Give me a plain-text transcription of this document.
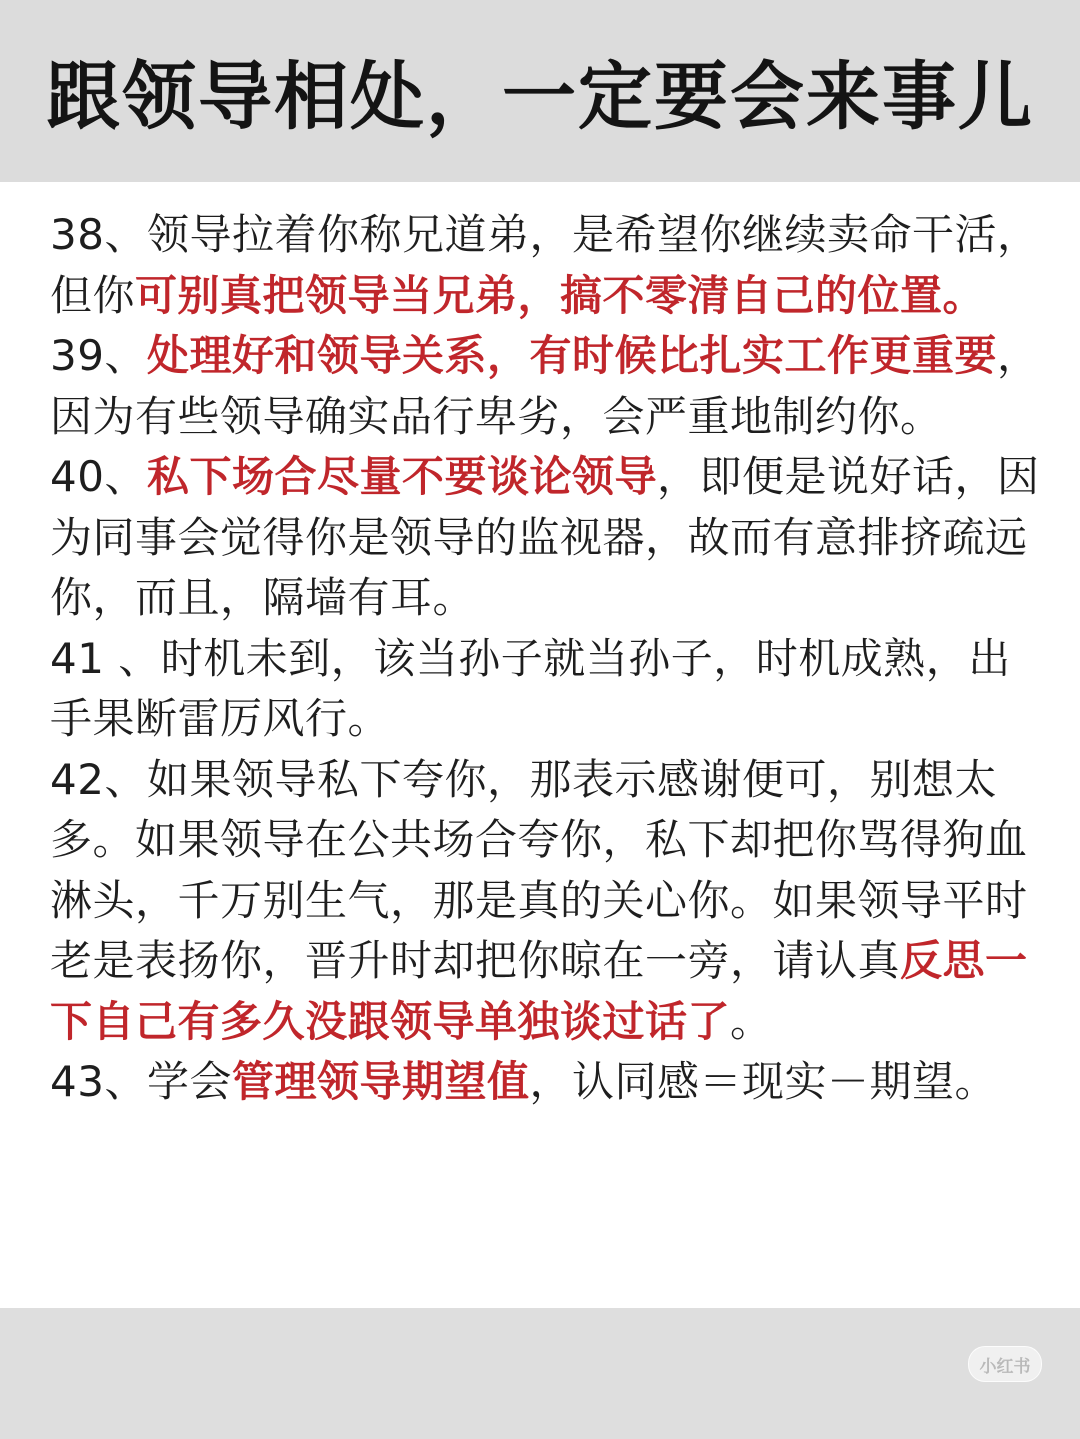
跟领导相处，一定要会来事儿

38、领导拉着你称兄道弟，是希望你继续卖命干活，但你可别真把领导当兄弟，搞不零清自己的位置。

39、处理好和领导关系，有时候比扎实工作更重要，因为有些领导确实品行卑劣，会严重地制约你。

40、私下场合尽量不要谈论领导，即便是说好话，因为同事会觉得你是领导的监视器，故而有意排挤疏远你，而且，隔墙有耳。

41 、时机未到，该当孙子就当孙子，时机成熟，出手果断雷厉风行。

42、如果领导私下夸你，那表示感谢便可，别想太多。如果领导在公共场合夸你，私下却把你骂得狗血淋头，千万别生气，那是真的关心你。如果领导平时老是表扬你，晋升时却把你晾在一旁，请认真反思一下自己有多久没跟领导单独谈过话了。

43、学会管理领导期望值，认同感＝现实－期望。

小红书
